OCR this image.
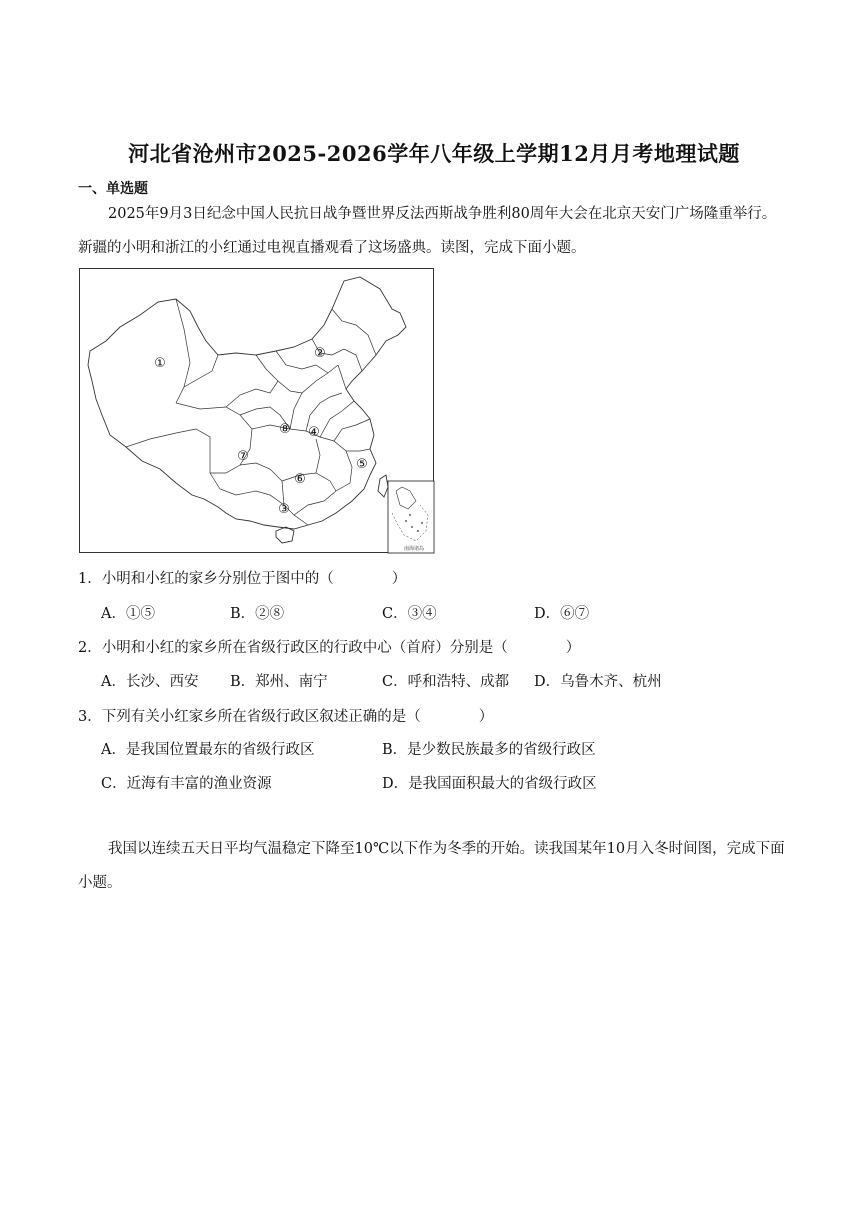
河北省沧州市2025-2026学年八年级上学期12月月考地理试题
一、单选题

2025年9月3日纪念中国人民抗日战争暨世界反法西斯战争胜利80周年大会在北京天安门广场隆重举行。新疆的小明和浙江的小红通过电视直播观看了这场盛典。读图，完成下面小题。

南海诸岛
①
②
③
④
⑤
⑥
⑦
⑧
1．小明和小红的家乡分别位于图中的（	）
A．①⑤	B．②⑧	C．③④	D．⑥⑦
2．小明和小红的家乡所在省级行政区的行政中心（首府）分别是（	）
A．长沙、西安 B．郑州、南宁	C．呼和浩特、成都 D．乌鲁木齐、杭州
3．下列有关小红家乡所在省级行政区叙述正确的是（	）
A．是我国位置最东的省级行政区	B．是少数民族最多的省级行政区
C．近海有丰富的渔业资源	D．是我国面积最大的省级行政区

我国以连续五天日平均气温稳定下降至10℃以下作为冬季的开始。读我国某年10月入冬时间图，完成下面小题。
